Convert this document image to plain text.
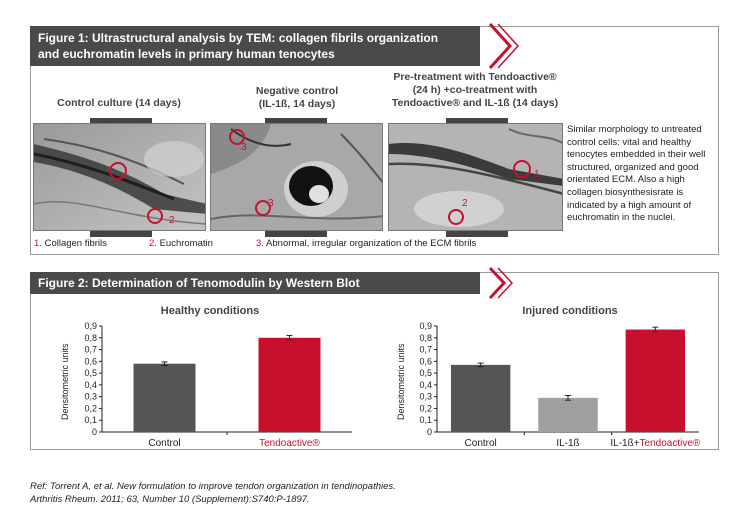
Figure 1: Ultrastructural analysis by TEM: collagen fibrils organization
and euchromatin levels in primary human tenocytes
Control culture (14 days)
Negative control
(IL-1ß, 14 days)
Pre-treatment with Tendoactive®
(24 h) +co-treatment with
Tendoactive® and IL-1ß (14 days)
1
2
3
3
1
2
Similar morphology to untreated control cells: vital and healthy tenocytes embedded in their well structured, organized and good orientated ECM. Also a high collagen biosynthesisrate is indicated by a high amount of euchromatin in the nuclei.
1. Collagen fibrils	2. Euchromatin	3. Abnormal, irregular organization of the ECM fibrils
Figure 2: Determination of Tenomodulin by Western Blot
Healthy conditions
Densitometric units
0
0,1
0,2
0,3
0,4
0,5
0,6
0,7
0,8
0,9
Control	Tendoactive®
Injured conditions
Densitometric units
0
0,1
0,2
0,3
0,4
0,5
0,6
0,7
0,8
0,9
Control	IL-1ß	IL-1ß+Tendoactive®
Ref: Torrent A, et al. New formulation to improve tendon organization in tendinopathies.
Arthritis Rheum. 2011; 63, Number 10 (Supplement):S740:P-1897.
